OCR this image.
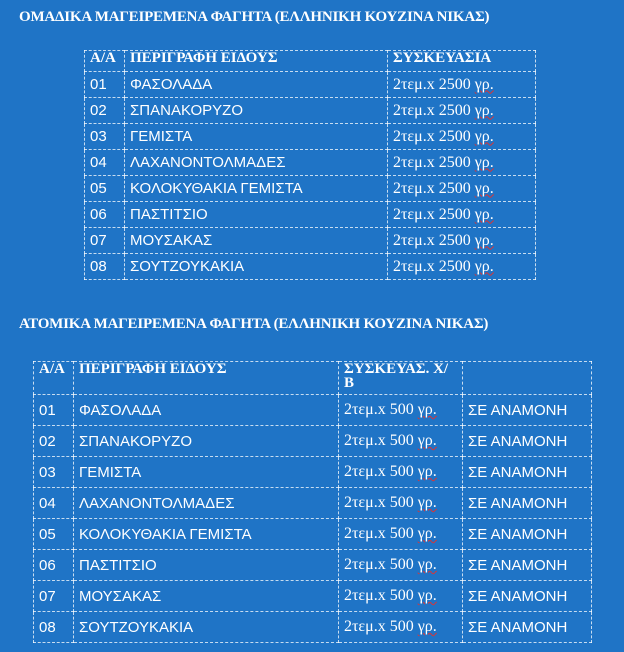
ΟΜΑΔΙΚΑ ΜΑΓΕΙΡΕΜΕΝΑ ΦΑΓΗΤΑ (ΕΛΛΗΝΙΚΗ ΚΟΥΖΙΝΑ ΝΙΚΑΣ)
Α/Α	ΠΕΡΙΓΡΑΦΗ ΕΙΔΟΥΣ	ΣΥΣΚΕΥΑΣΙΑ
01	ΦΑΣΟΛΑΔΑ	2τεμ.x 2500 γρ.
02	ΣΠΑΝΑΚΟΡΥΖΟ	2τεμ.x 2500 γρ.
03	ΓΕΜΙΣΤΑ	2τεμ.x 2500 γρ.
04	ΛΑΧΑΝΟΝΤΟΛΜΑΔΕΣ	2τεμ.x 2500 γρ.
05	ΚΟΛΟΚΥΘΑΚΙΑ ΓΕΜΙΣΤΑ	2τεμ.x 2500 γρ.
06	ΠΑΣΤΙΤΣΙΟ	2τεμ.x 2500 γρ.
07	ΜΟΥΣΑΚΑΣ	2τεμ.x 2500 γρ.
08	ΣΟΥΤΖΟΥΚΑΚΙΑ	2τεμ.x 2500 γρ.
ΑΤΟΜΙΚΑ ΜΑΓΕΙΡΕΜΕΝΑ ΦΑΓΗΤΑ (ΕΛΛΗΝΙΚΗ ΚΟΥΖΙΝΑ ΝΙΚΑΣ)
Α/Α	ΠΕΡΙΓΡΑΦΗ ΕΙΔΟΥΣ	ΣΥΣΚΕΥΑΣ. Χ/Β	
01	ΦΑΣΟΛΑΔΑ	2τεμ.x 500 γρ.	ΣΕ ΑΝΑΜΟΝΗ
02	ΣΠΑΝΑΚΟΡΥΖΟ	2τεμ.x 500 γρ.	ΣΕ ΑΝΑΜΟΝΗ
03	ΓΕΜΙΣΤΑ	2τεμ.x 500 γρ.	ΣΕ ΑΝΑΜΟΝΗ
04	ΛΑΧΑΝΟΝΤΟΛΜΑΔΕΣ	2τεμ.x 500 γρ.	ΣΕ ΑΝΑΜΟΝΗ
05	ΚΟΛΟΚΥΘΑΚΙΑ ΓΕΜΙΣΤΑ	2τεμ.x 500 γρ.	ΣΕ ΑΝΑΜΟΝΗ
06	ΠΑΣΤΙΤΣΙΟ	2τεμ.x 500 γρ.	ΣΕ ΑΝΑΜΟΝΗ
07	ΜΟΥΣΑΚΑΣ	2τεμ.x 500 γρ.	ΣΕ ΑΝΑΜΟΝΗ
08	ΣΟΥΤΖΟΥΚΑΚΙΑ	2τεμ.x 500 γρ.	ΣΕ ΑΝΑΜΟΝΗ
